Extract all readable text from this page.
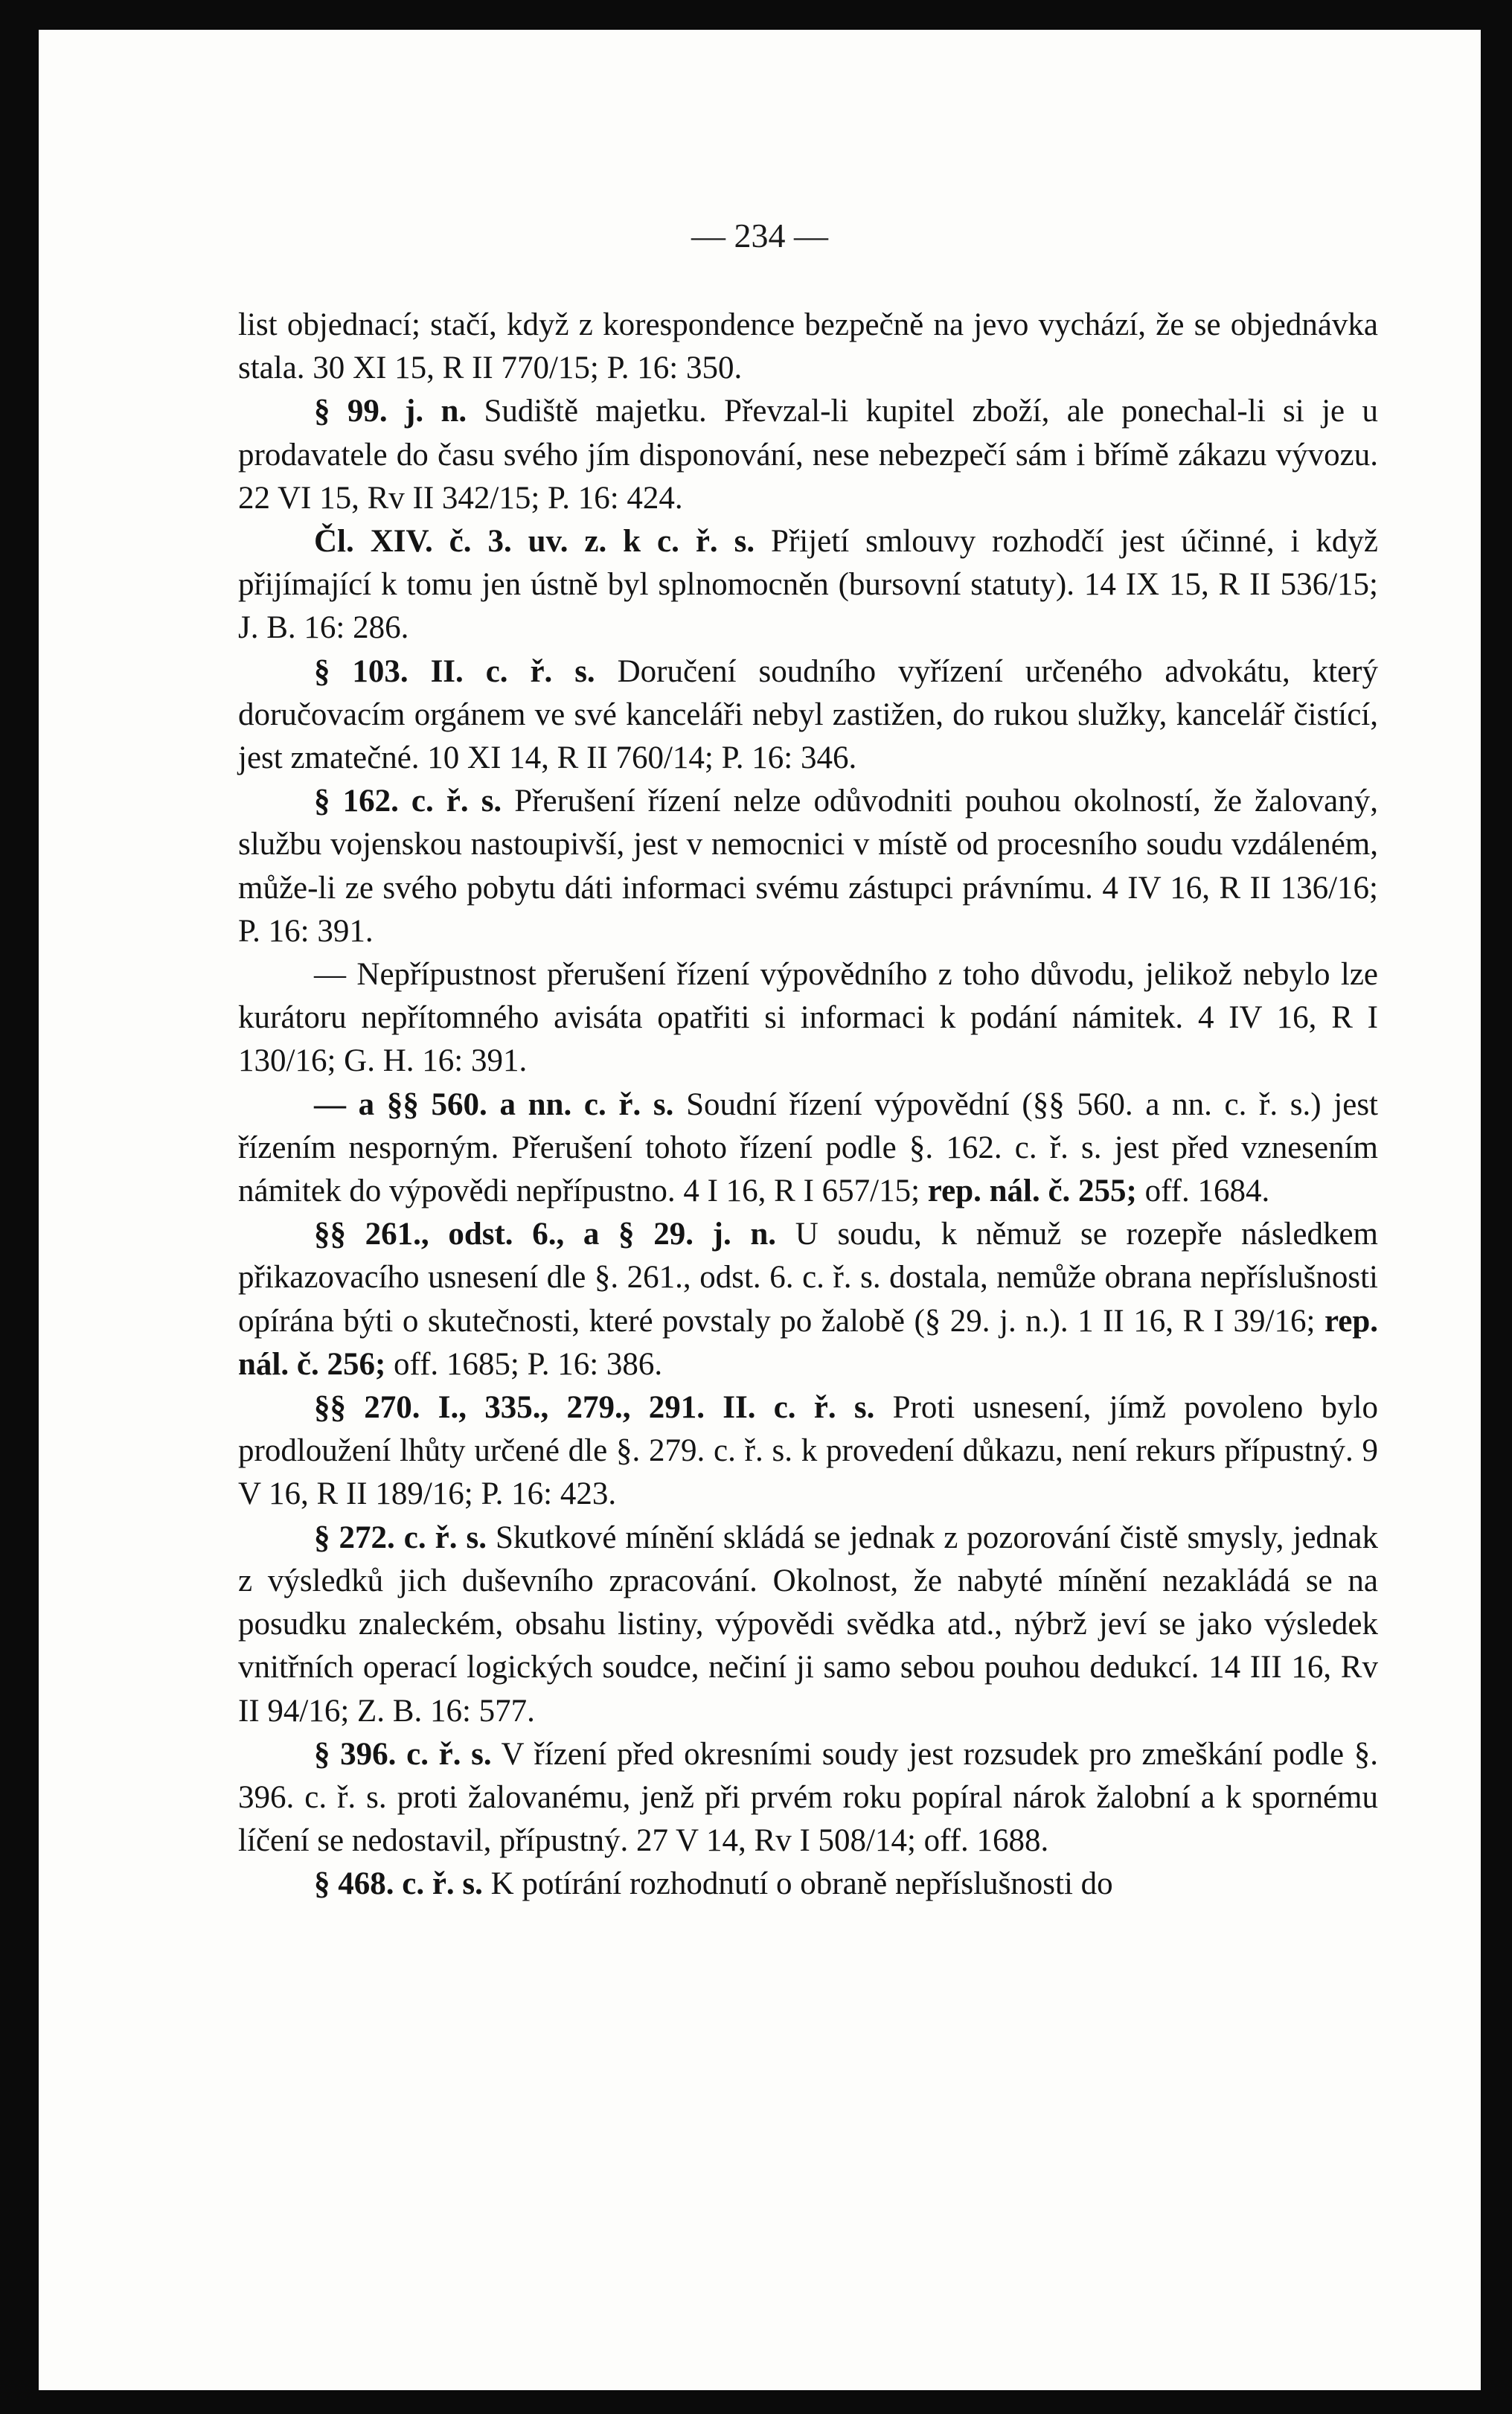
— 234 —

list objednací; stačí, když z korespondence bezpečně na jevo vychází, že se objednávka stala. 30 XI 15, R II 770/15; P. 16: 350.

§ 99. j. n. Sudiště majetku. Převzal-li kupitel zboží, ale ponechal-li si je u prodavatele do času svého jím disponování, nese nebezpečí sám i břímě zákazu vývozu. 22 VI 15, Rv II 342/15; P. 16: 424.

Čl. XIV. č. 3. uv. z. k c. ř. s. Přijetí smlouvy rozhodčí jest účinné, i když přijímající k tomu jen ústně byl splnomocněn (bursovní statuty). 14 IX 15, R II 536/15; J. B. 16: 286.

§ 103. II. c. ř. s. Doručení soudního vyřízení určeného advokátu, který doručovacím orgánem ve své kanceláři nebyl zastižen, do rukou služky, kancelář čistící, jest zmatečné. 10 XI 14, R II 760/14; P. 16: 346.

§ 162. c. ř. s. Přerušení řízení nelze odůvodniti pouhou okolností, že žalovaný, službu vojenskou nastoupivší, jest v nemocnici v místě od procesního soudu vzdáleném, může-li ze svého pobytu dáti informaci svému zástupci právnímu. 4 IV 16, R II 136/16; P. 16: 391.

— Nepřípustnost přerušení řízení výpovědního z toho důvodu, jelikož nebylo lze kurátoru nepřítomného avisáta opatřiti si informaci k podání námitek. 4 IV 16, R I 130/16; G. H. 16: 391.

— a §§ 560. a nn. c. ř. s. Soudní řízení výpovědní (§§ 560. a nn. c. ř. s.) jest řízením nesporným. Přerušení tohoto řízení podle §. 162. c. ř. s. jest před vznesením námitek do výpovědi nepřípustno. 4 I 16, R I 657/15; rep. nál. č. 255; off. 1684.

§§ 261., odst. 6., a § 29. j. n. U soudu, k němuž se rozepře následkem přikazovacího usnesení dle §. 261., odst. 6. c. ř. s. dostala, nemůže obrana nepříslušnosti opírána býti o skutečnosti, které povstaly po žalobě (§ 29. j. n.). 1 II 16, R I 39/16; rep. nál. č. 256; off. 1685; P. 16: 386.

§§ 270. I., 335., 279., 291. II. c. ř. s. Proti usnesení, jímž povoleno bylo prodloužení lhůty určené dle §. 279. c. ř. s. k provedení důkazu, není rekurs přípustný. 9 V 16, R II 189/16; P. 16: 423.

§ 272. c. ř. s. Skutkové mínění skládá se jednak z pozorování čistě smysly, jednak z výsledků jich duševního zpracování. Okolnost, že nabyté mínění nezakládá se na posudku znaleckém, obsahu listiny, výpovědi svědka atd., nýbrž jeví se jako výsledek vnitřních operací logických soudce, nečiní ji samo sebou pouhou dedukcí. 14 III 16, Rv II 94/16; Z. B. 16: 577.

§ 396. c. ř. s. V řízení před okresními soudy jest rozsudek pro zmeškání podle §. 396. c. ř. s. proti žalovanému, jenž při prvém roku popíral nárok žalobní a k spornému líčení se nedostavil, přípustný. 27 V 14, Rv I 508/14; off. 1688.

§ 468. c. ř. s. K potírání rozhodnutí o obraně nepříslušnosti do
